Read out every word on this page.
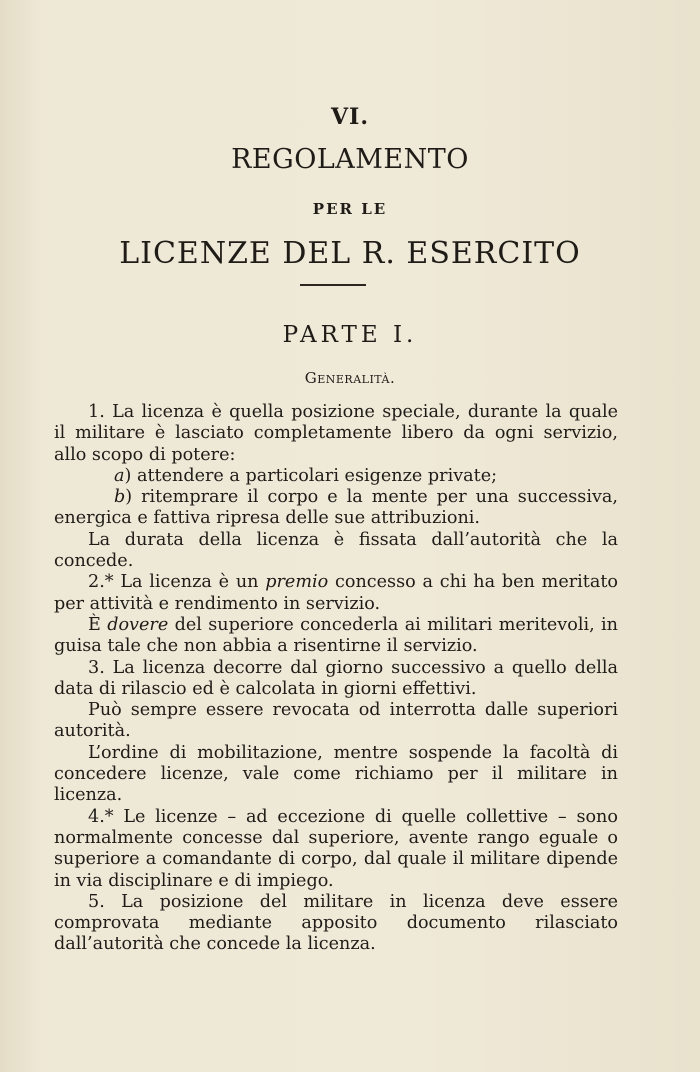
VI.
REGOLAMENTO
PER LE
LICENZE DEL R. ESERCITO
PARTE I.
Generalità.

1. La licenza è quella posizione speciale, durante la quale il militare è lasciato completamente libero da ogni servizio, allo scopo di potere:

a) attendere a particolari esigenze private;

b) ritemprare il corpo e la mente per una successiva, energica e fattiva ripresa delle sue attribuzioni.

La durata della licenza è fissata dall’autorità che la concede.

2.* La licenza è un premio concesso a chi ha ben meritato per attività e rendimento in servizio.

È dovere del superiore concederla ai militari meritevoli, in guisa tale che non abbia a risentirne il servizio.

3. La licenza decorre dal giorno successivo a quello della data di rilascio ed è calcolata in giorni effettivi.

Può sempre essere revocata od interrotta dalle superiori autorità.

L’ordine di mobilitazione, mentre sospende la facoltà di concedere licenze, vale come richiamo per il militare in licenza.

4.* Le licenze – ad eccezione di quelle collettive – sono normalmente concesse dal superiore, avente rango eguale o superiore a comandante di corpo, dal quale il militare dipende in via disciplinare e di impiego.

5. La posizione del militare in licenza deve essere comprovata mediante apposito documento rilasciato dall’autorità che concede la licenza.
